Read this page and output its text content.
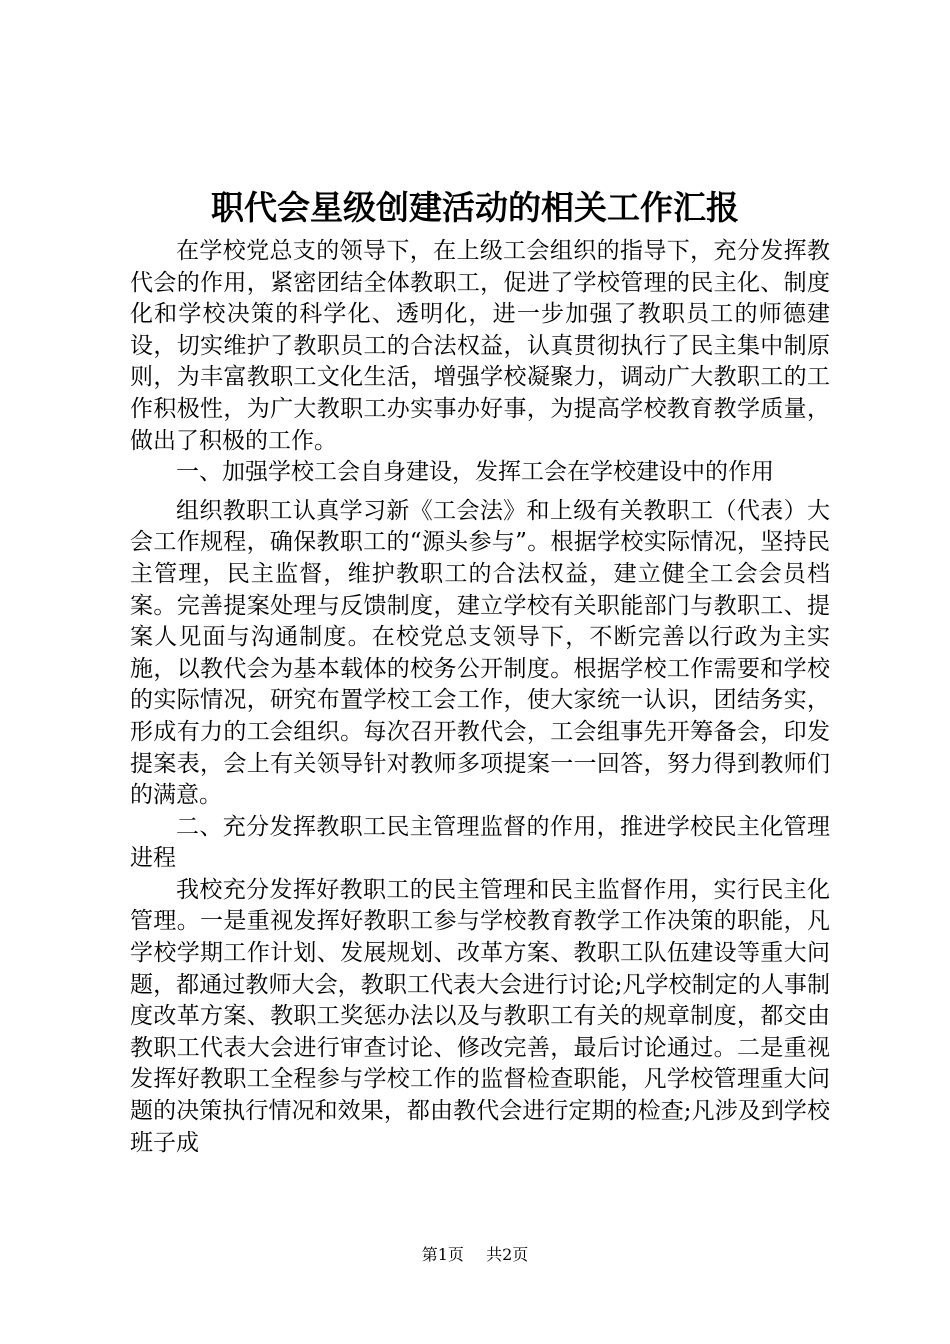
职代会星级创建活动的相关工作汇报

在学校党总支的领导下，在上级工会组织的指导下，充分发挥教代会的作用，紧密团结全体教职工，促进了学校管理的民主化、制度化和学校决策的科学化、透明化，进一步加强了教职员工的师德建设，切实维护了教职员工的合法权益，认真贯彻执行了民主集中制原则，为丰富教职工文化生活，增强学校凝聚力，调动广大教职工的工作积极性，为广大教职工办实事办好事，为提高学校教育教学质量，做出了积极的工作。

一、加强学校工会自身建设，发挥工会在学校建设中的作用

组织教职工认真学习新《工会法》和上级有关教职工（代表）大会工作规程，确保教职工的“源头参与”。根据学校实际情况，坚持民主管理，民主监督，维护教职工的合法权益，建立健全工会会员档案。完善提案处理与反馈制度，建立学校有关职能部门与教职工、提案人见面与沟通制度。在校党总支领导下，不断完善以行政为主实施，以教代会为基本载体的校务公开制度。根据学校工作需要和学校的实际情况，研究布置学校工会工作，使大家统一认识，团结务实，形成有力的工会组织。每次召开教代会，工会组事先开筹备会，印发提案表，会上有关领导针对教师多项提案一一回答，努力得到教师们的满意。

二、充分发挥教职工民主管理监督的作用，推进学校民主化管理进程

我校充分发挥好教职工的民主管理和民主监督作用，实行民主化管理。一是重视发挥好教职工参与学校教育教学工作决策的职能，凡学校学期工作计划、发展规划、改革方案、教职工队伍建设等重大问题，都通过教师大会，教职工代表大会进行讨论;凡学校制定的人事制度改革方案、教职工奖惩办法以及与教职工有关的规章制度，都交由教职工代表大会进行审查讨论、修改完善，最后讨论通过。二是重视发挥好教职工全程参与学校工作的监督检查职能，凡学校管理重大问题的决策执行情况和效果，都由教代会进行定期的检查;凡涉及到学校班子成

第1页 共2页
